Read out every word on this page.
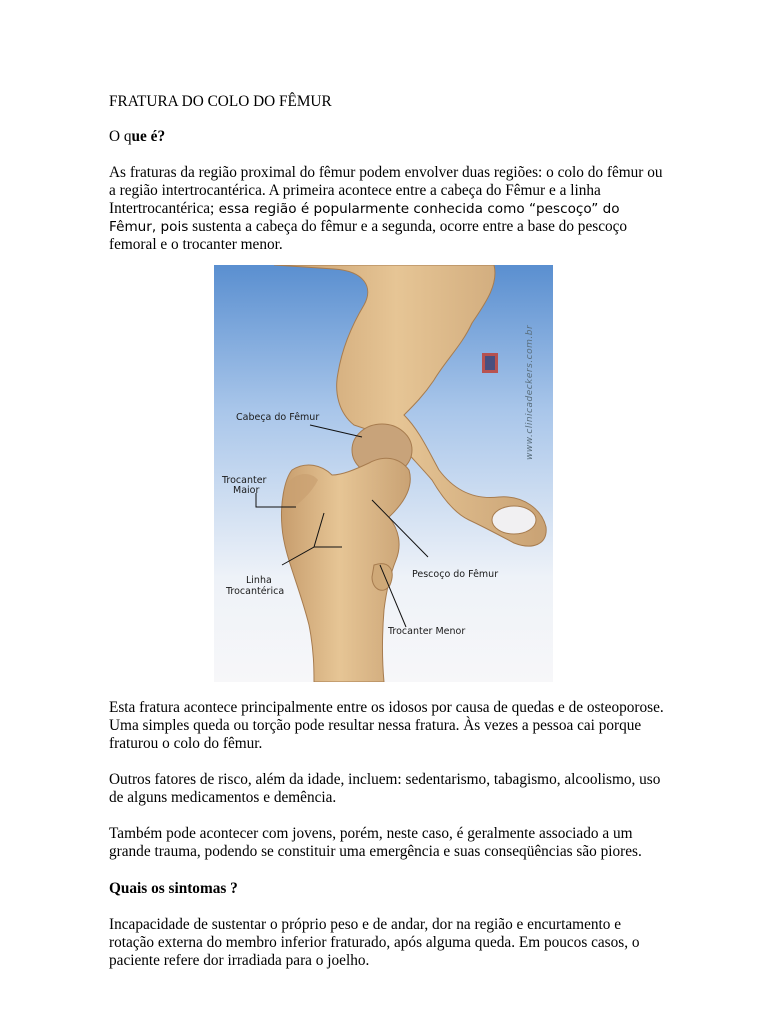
FRATURA DO COLO DO FÊMUR
O que é?
As fraturas da região proximal do fêmur podem envolver duas regiões: o colo do fêmur ou a região intertrocantérica. A primeira acontece entre a cabeça do Fêmur e a linha Intertrocantérica; essa região é popularmente conhecida como “pescoço” do Fêmur, pois sustenta a cabeça do fêmur e a segunda, ocorre entre a base do pescoço femoral e o trocanter menor.
www.clinicadeckers.com.br
Cabeça do Fêmur
Trocanter
Maior
Linha
Trocantérica
Pescoço do Fêmur
Trocanter Menor
Esta fratura acontece principalmente entre os idosos por causa de quedas e de osteoporose. Uma simples queda ou torção pode resultar nessa fratura. Às vezes a pessoa cai porque fraturou o colo do fêmur.
Outros fatores de risco, além da idade, incluem: sedentarismo, tabagismo, alcoolismo, uso de alguns medicamentos e demência.
Também pode acontecer com jovens, porém, neste caso, é geralmente associado a um grande trauma, podendo se constituir uma emergência e suas conseqüências são piores.
Quais os sintomas ?
Incapacidade de sustentar o próprio peso e de andar, dor na região e encurtamento e rotação externa do membro inferior fraturado, após alguma queda. Em poucos casos, o paciente refere dor irradiada para o joelho.
